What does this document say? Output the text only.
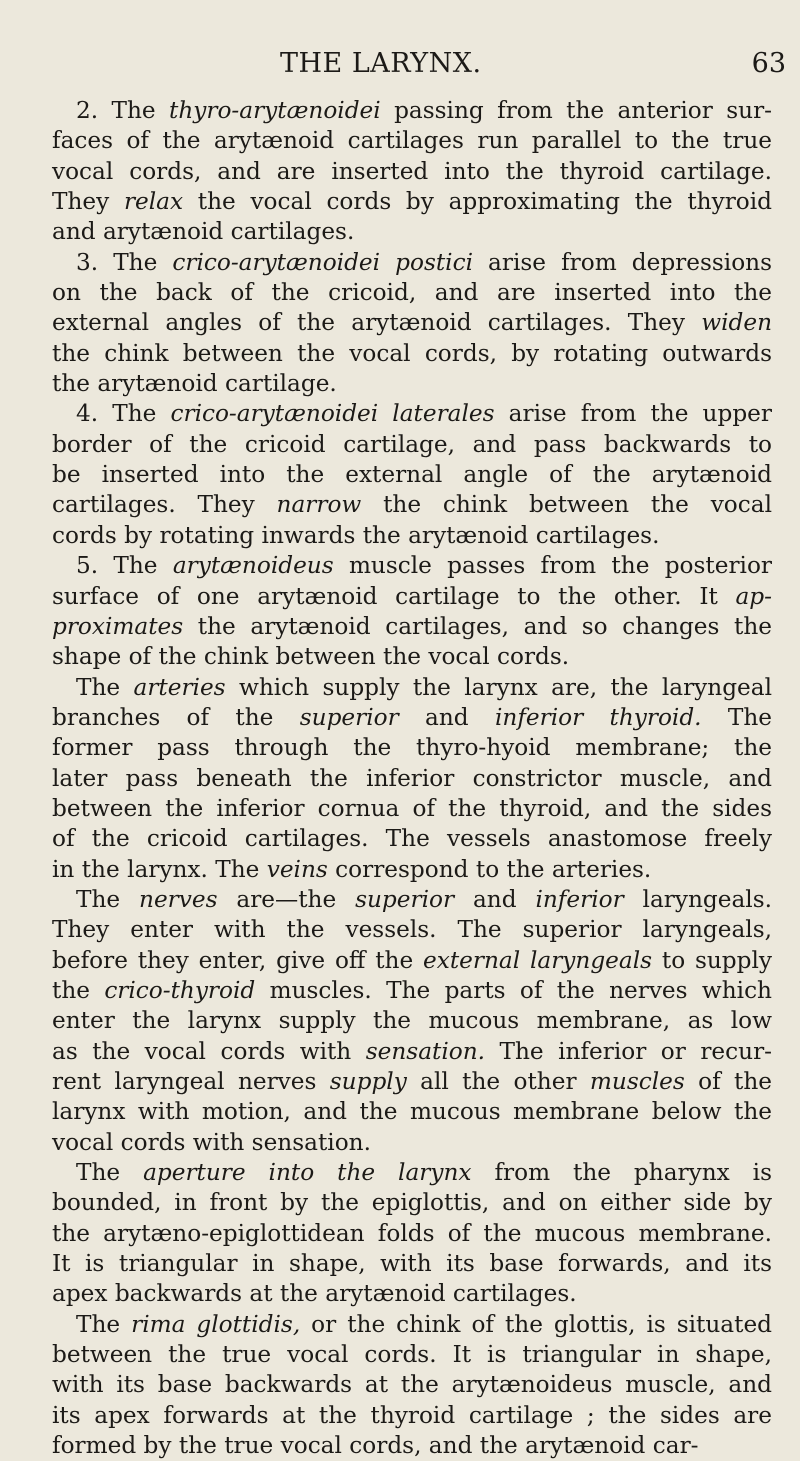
THE LARYNX.	63
2. The thyro-arytænoidei passing from the anterior sur-
faces of the arytænoid cartilages run parallel to the true
vocal cords, and are inserted into the thyroid cartilage.
They relax the vocal cords by approximating the thyroid
and arytænoid cartilages.
3. The crico-arytænoidei postici arise from depressions
on the back of the cricoid, and are inserted into the
external angles of the arytænoid cartilages. They widen
the chink between the vocal cords, by rotating outwards
the arytænoid cartilage.
4. The crico-arytænoidei laterales arise from the upper
border of the cricoid cartilage, and pass backwards to
be inserted into the external angle of the arytænoid
cartilages. They narrow the chink between the vocal
cords by rotating inwards the arytænoid cartilages.
5. The arytænoideus muscle passes from the posterior
surface of one arytænoid cartilage to the other. It ap-
proximates the arytænoid cartilages, and so changes the
shape of the chink between the vocal cords.
The arteries which supply the larynx are, the laryngeal
branches of the superior and inferior thyroid. The
former pass through the thyro-hyoid membrane; the
later pass beneath the inferior constrictor muscle, and
between the inferior cornua of the thyroid, and the sides
of the cricoid cartilages. The vessels anastomose freely
in the larynx. The veins correspond to the arteries.
The nerves are—the superior and inferior laryngeals.
They enter with the vessels. The superior laryngeals,
before they enter, give off the external laryngeals to supply
the crico-thyroid muscles. The parts of the nerves which
enter the larynx supply the mucous membrane, as low
as the vocal cords with sensation. The inferior or recur-
rent laryngeal nerves supply all the other muscles of the
larynx with motion, and the mucous membrane below the
vocal cords with sensation.
The aperture into the larynx from the pharynx is
bounded, in front by the epiglottis, and on either side by
the arytæno-epiglottidean folds of the mucous membrane.
It is triangular in shape, with its base forwards, and its
apex backwards at the arytænoid cartilages.
The rima glottidis, or the chink of the glottis, is situated
between the true vocal cords. It is triangular in shape,
with its base backwards at the arytænoideus muscle, and
its apex forwards at the thyroid cartilage ; the sides are
formed by the true vocal cords, and the arytænoid car-
